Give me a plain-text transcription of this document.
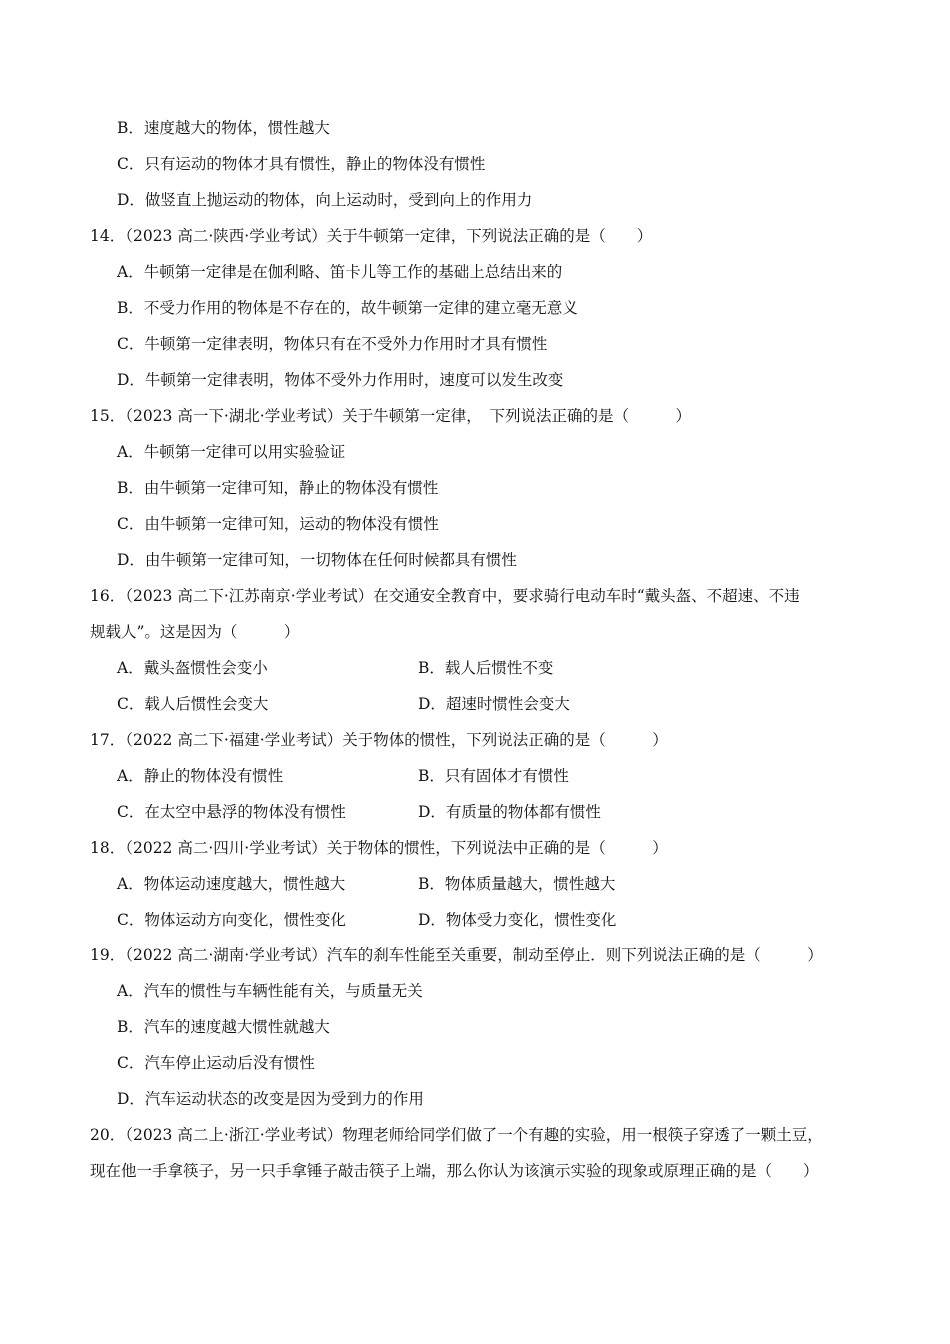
B．速度越大的物体，惯性越大
C．只有运动的物体才具有惯性，静止的物体没有惯性
D．做竖直上抛运动的物体，向上运动时，受到向上的作用力
14．（2023 高二·陕西·学业考试）关于牛顿第一定律，下列说法正确的是（　　）
A．牛顿第一定律是在伽利略、笛卡儿等工作的基础上总结出来的
B．不受力作用的物体是不存在的，故牛顿第一定律的建立毫无意义
C．牛顿第一定律表明，物体只有在不受外力作用时才具有惯性
D．牛顿第一定律表明，物体不受外力作用时，速度可以发生改变
15．（2023 高一下·湖北·学业考试）关于牛顿第一定律，　下列说法正确的是（　　　）
A．牛顿第一定律可以用实验验证
B．由牛顿第一定律可知，静止的物体没有惯性
C．由牛顿第一定律可知，运动的物体没有惯性
D．由牛顿第一定律可知，一切物体在任何时候都具有惯性
16．（2023 高二下·江苏南京·学业考试）在交通安全教育中，要求骑行电动车时“戴头盔、不超速、不违
规载人”。这是因为（　　　）
A．戴头盔惯性会变小	B．载人后惯性不变
C．载人后惯性会变大	D．超速时惯性会变大
17．（2022 高二下·福建·学业考试）关于物体的惯性，下列说法正确的是（　　　）
A．静止的物体没有惯性	B．只有固体才有惯性
C．在太空中悬浮的物体没有惯性	D．有质量的物体都有惯性
18．（2022 高二·四川·学业考试）关于物体的惯性，下列说法中正确的是（　　　）
A．物体运动速度越大，惯性越大	B．物体质量越大，惯性越大
C．物体运动方向变化，惯性变化	D．物体受力变化，惯性变化
19．（2022 高二·湖南·学业考试）汽车的刹车性能至关重要，制动至停止．则下列说法正确的是（　　　）
A．汽车的惯性与车辆性能有关，与质量无关
B．汽车的速度越大惯性就越大
C．汽车停止运动后没有惯性
D．汽车运动状态的改变是因为受到力的作用
20．（2023 高二上·浙江·学业考试）物理老师给同学们做了一个有趣的实验，用一根筷子穿透了一颗土豆，
现在他一手拿筷子，另一只手拿锤子敲击筷子上端，那么你认为该演示实验的现象或原理正确的是（　　）
